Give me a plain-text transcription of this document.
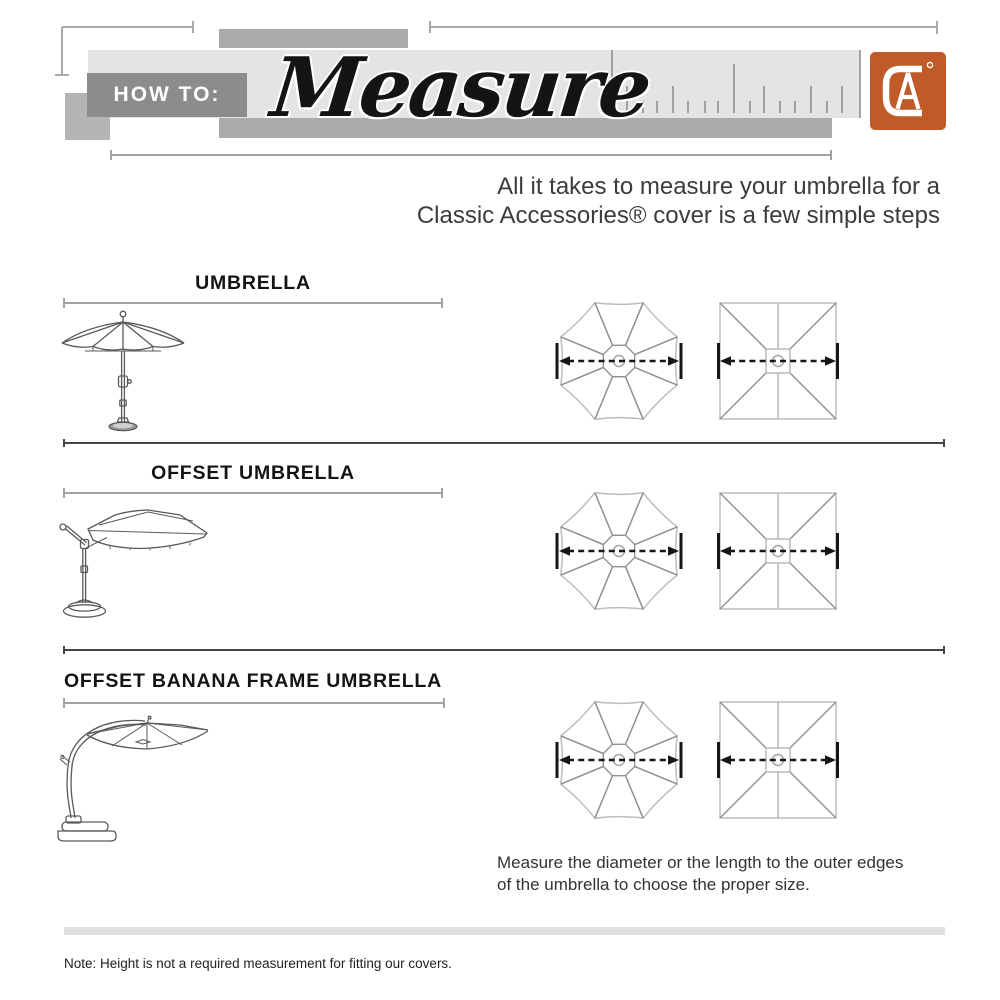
HOW TO: Measure
All it takes to measure your umbrella for a
Classic Accessories® cover is a few simple steps
UMBRELLA
OFFSET UMBRELLA
OFFSET BANANA FRAME UMBRELLA
Measure the diameter or the length to the outer edges
of the umbrella to choose the proper size.
Note: Height is not a required measurement for fitting our covers.
